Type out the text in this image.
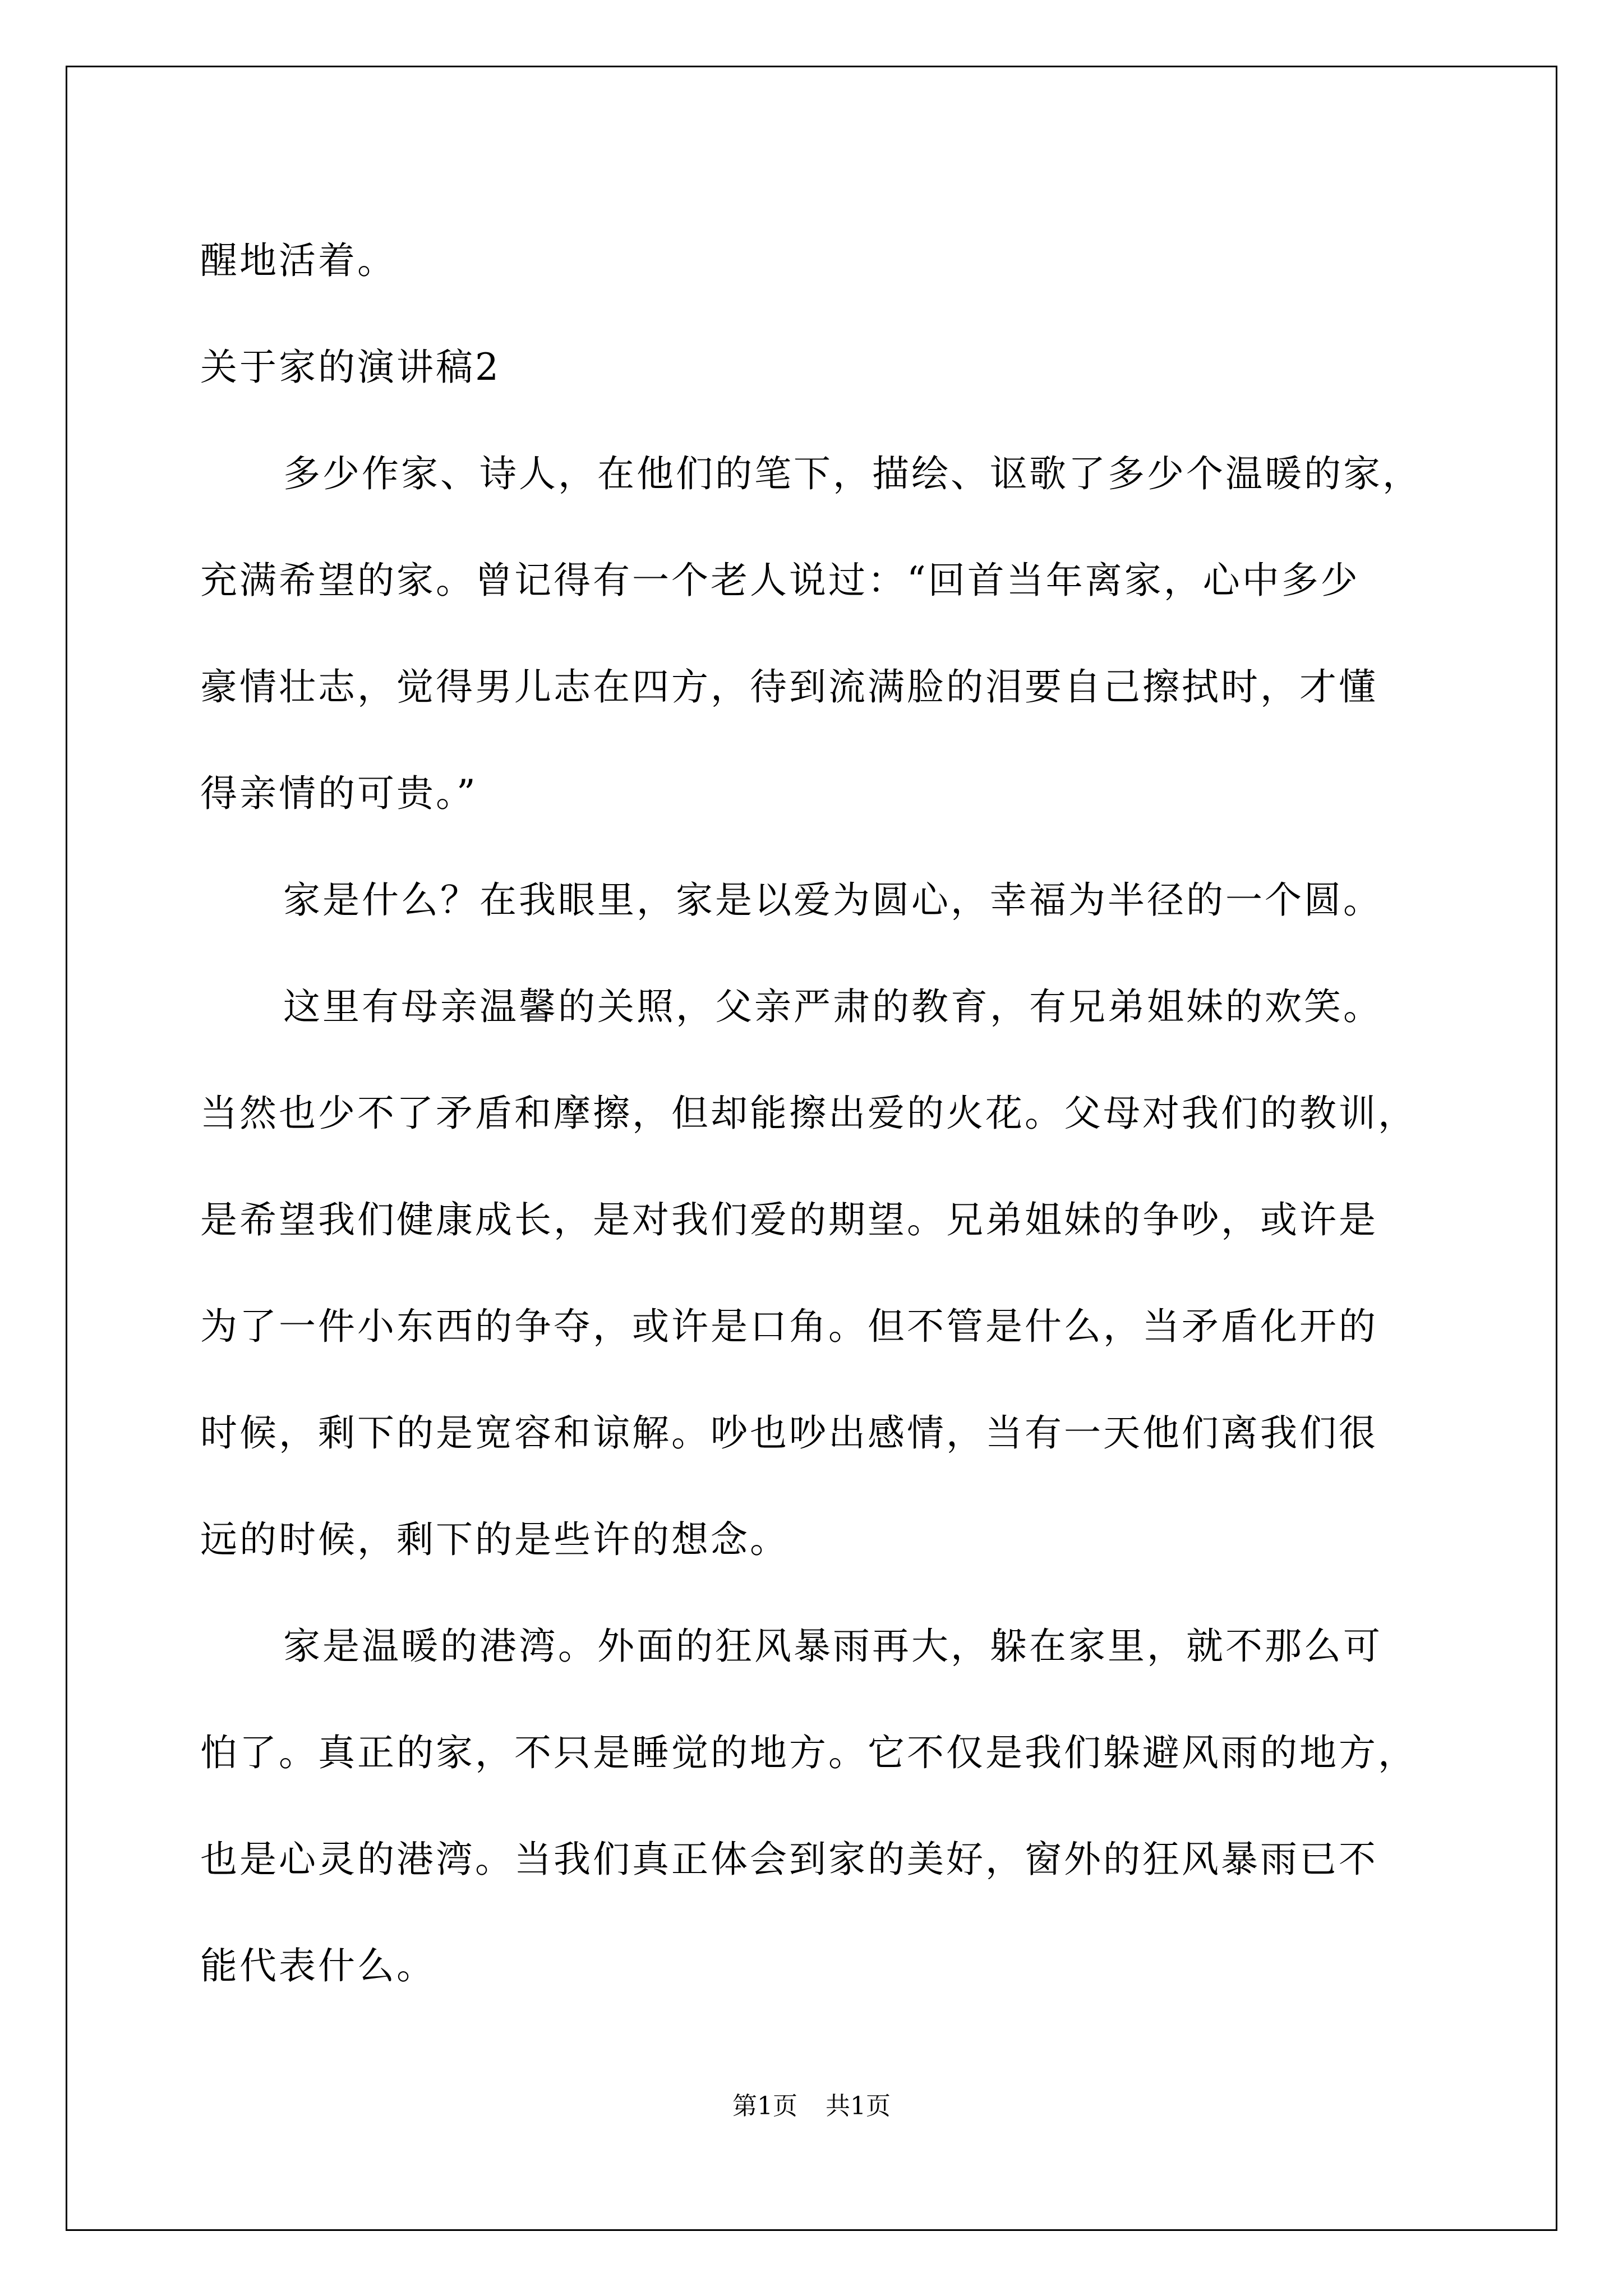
醒地活着。

关于家的演讲稿2

多少作家、诗人，在他们的笔下，描绘、讴歌了多少个温暖的家，

充满希望的家。曾记得有一个老人说过：“回首当年离家，心中多少

豪情壮志，觉得男儿志在四方，待到流满脸的泪要自己擦拭时，才懂

得亲情的可贵。”

家是什么？在我眼里，家是以爱为圆心，幸福为半径的一个圆。

这里有母亲温馨的关照，父亲严肃的教育，有兄弟姐妹的欢笑。

当然也少不了矛盾和摩擦，但却能擦出爱的火花。父母对我们的教训，

是希望我们健康成长，是对我们爱的期望。兄弟姐妹的争吵，或许是

为了一件小东西的争夺，或许是口角。但不管是什么，当矛盾化开的

时候，剩下的是宽容和谅解。吵也吵出感情，当有一天他们离我们很

远的时候，剩下的是些许的想念。

家是温暖的港湾。外面的狂风暴雨再大，躲在家里，就不那么可

怕了。真正的家，不只是睡觉的地方。它不仅是我们躲避风雨的地方，

也是心灵的港湾。当我们真正体会到家的美好，窗外的狂风暴雨已不

能代表什么。

第1页 共1页
